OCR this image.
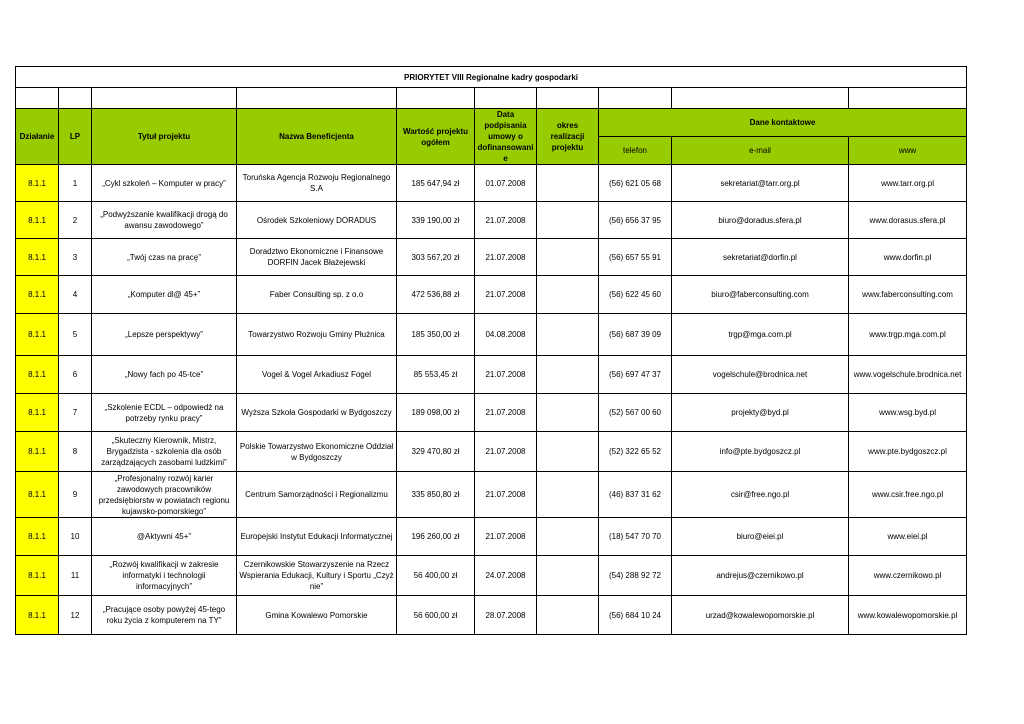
PRIORYTET VIII Regionalne kadry gospodarki									

Działanie	LP	Tytuł projektu	Nazwa Beneficjenta	Wartość projektu ogółem	Data podpisania umowy o dofinansowanie	okres realizacji projektu	Dane kontaktowe		
							telefon	e-mail	www
8.1.1	1	„Cykl szkoleń – Komputer w pracy”	Toruńska Agencja Rozwoju Regionalnego S.A	185 647,94 zł	01.07.2008		(56) 621 05 68	sekretariat@tarr.org.pl	www.tarr.org.pl
8.1.1	2	„Podwyższanie kwalifikacji drogą do awansu zawodowego”	Ośrodek Szkoleniowy DORADUS	339 190,00 zł	21.07.2008		(56) 656 37 95	biuro@doradus.sfera.pl	www.dorasus.sfera.pl
8.1.1	3	„Twój czas na pracę”	Doradztwo Ekonomiczne i Finansowe DORFIN Jacek Błażejewski	303 567,20 zł	21.07.2008		(56) 657 55 91	sekretariat@dorfin.pl	www.dorfin.pl
8.1.1	4	„Komputer dl@ 45+”	Faber Consulting sp. z o.o	472 536,88 zł	21.07.2008		(56) 622 45 60	biuro@faberconsulting.com	www.faberconsulting.com
8.1.1	5	„Lepsze perspektywy”	Towarzystwo Rozwoju Gminy Płużnica	185 350,00 zł	04.08.2008		(56) 687 39 09	trgp@mga.com.pl	www.trgp.mga.com.pl
8.1.1	6	„Nowy fach po 45-tce”	Vogel & Vogel Arkadiusz Fogel	85 553,45 zł	21.07.2008		(56) 697 47 37	vogelschule@brodnica.net	www.vogelschule.brodnica.net
8.1.1	7	„Szkolenie ECDL – odpowiedź na potrzeby rynku pracy”	Wyższa Szkoła Gospodarki w Bydgoszczy	189 098,00 zł	21.07.2008		(52) 567 00 60	projekty@byd.pl	www.wsg.byd.pl
8.1.1	8	„Skuteczny Kierownik, Mistrz, Brygadzista - szkolenia dla osób zarządzających zasobami ludzkimi”	Polskie Towarzystwo Ekonomiczne Oddział w Bydgoszczy	329 470,80 zł	21.07.2008		(52) 322 65 52	info@pte.bydgoszcz.pl	www.pte.bydgoszcz.pl
8.1.1	9	„Profesjonalny rozwój karier zawodowych pracowników przedsiębiorstw w powiatach regionu kujawsko-pomorskiego”	Centrum Samorządności i Regionalizmu	335 850,80 zł	21.07.2008		(46) 837 31 62	csir@free.ngo.pl	www.csir.free.ngo.pl
8.1.1	10	@Aktywni 45+”	Europejski Instytut Edukacji Informatycznej	196 260,00 zł	21.07.2008		(18) 547 70 70	biuro@eiei.pl	www.eiei.pl
8.1.1	11	„Rozwój kwalifikacji w zakresie informatyki i technologii informacyjnych”	Czernikowskie Stowarzyszenie na Rzecz Wspierania Edukacji, Kultury i Sportu „Czyż nie”	56 400,00 zł	24.07.2008		(54) 288 92 72	andrejus@czernikowo.pl	www.czernikowo.pl
8.1.1	12	„Pracujące osoby powyżej 45-tego roku życia z komputerem na TY”	Gmina Kowalewo Pomorskie	56 600,00 zł	28.07.2008		(56) 684 10 24	urzad@kowalewopomorskie.pl	www.kowalewopomorskie.pl
